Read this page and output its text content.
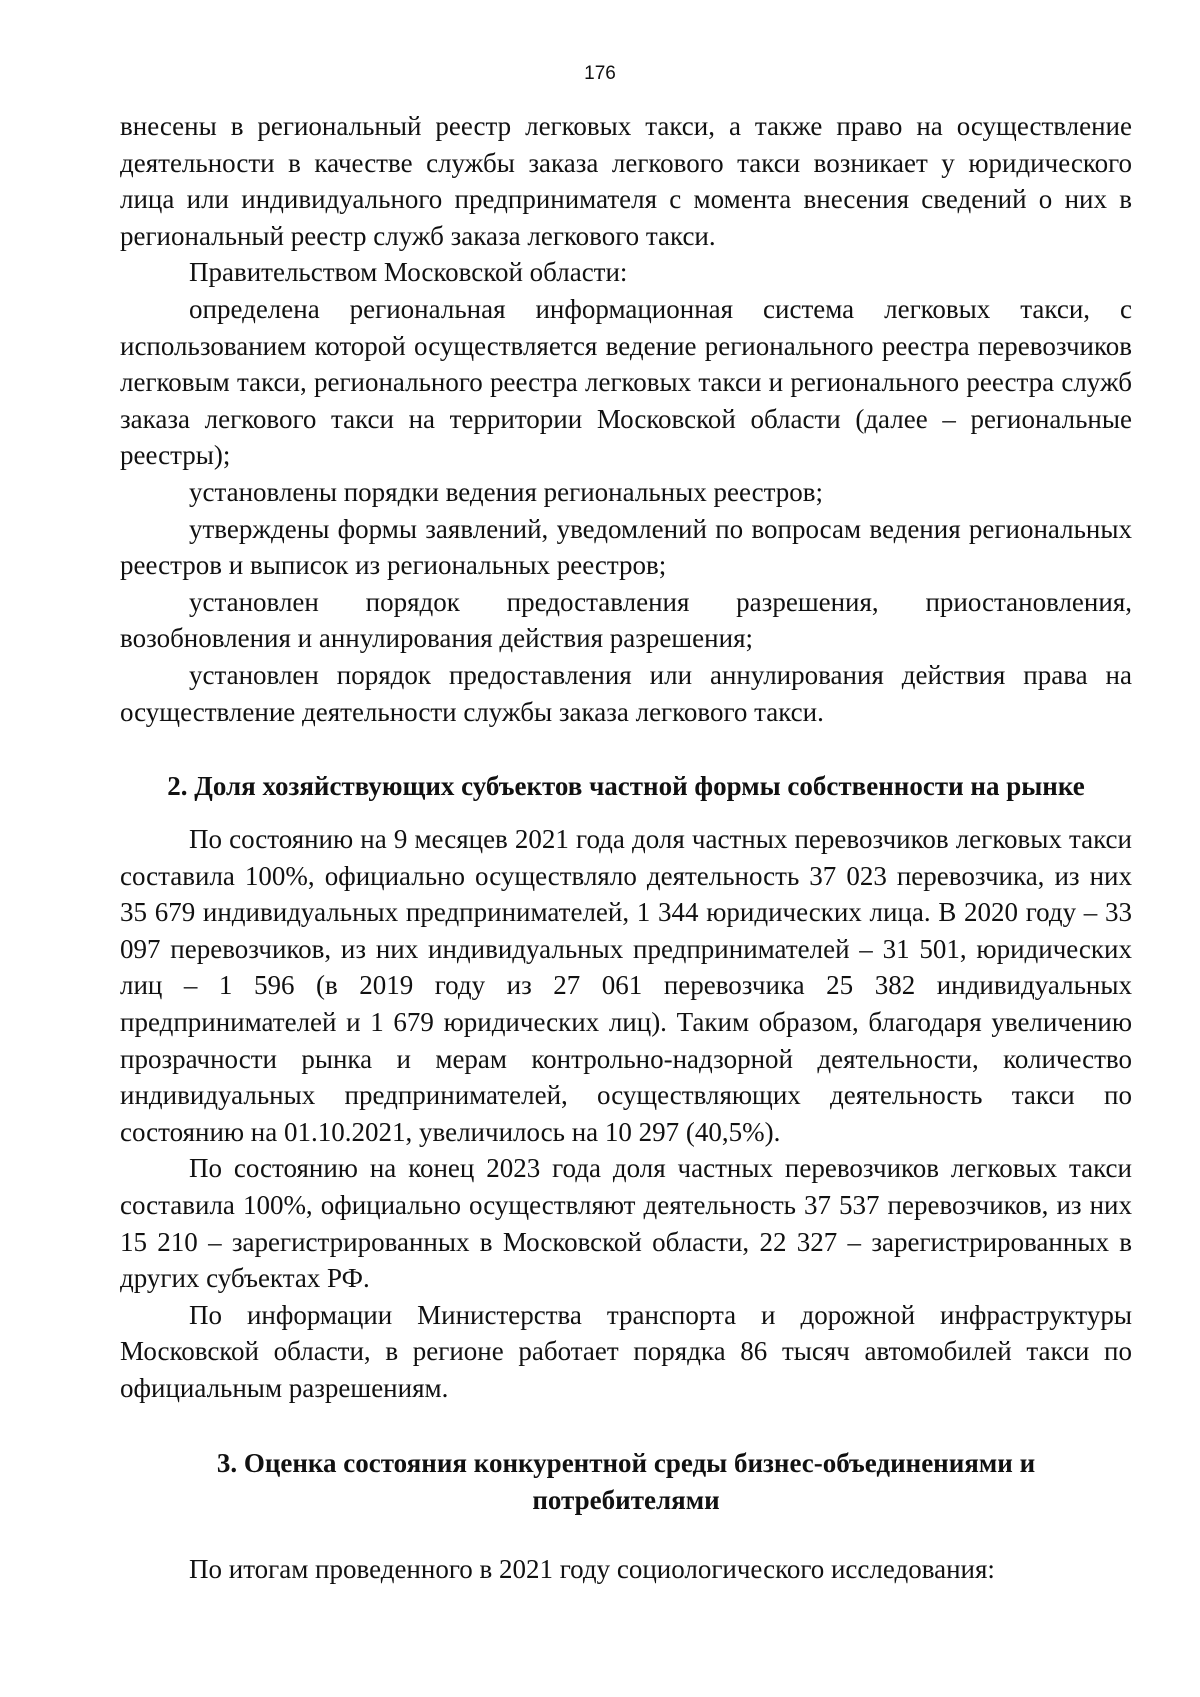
176

внесены в региональный реестр легковых такси, а также право на осуществление деятельности в качестве службы заказа легкового такси возникает у юридического лица или индивидуального предпринимателя с момента внесения сведений о них в региональный реестр служб заказа легкового такси.

Правительством Московской области:

определена региональная информационная система легковых такси, с использованием которой осуществляется ведение регионального реестра перевозчиков легковым такси, регионального реестра легковых такси и регионального реестра служб заказа легкового такси на территории Московской области (далее – региональные реестры);

установлены порядки ведения региональных реестров;

утверждены формы заявлений, уведомлений по вопросам ведения региональных реестров и выписок из региональных реестров;

установлен порядок предоставления разрешения, приостановления, возобновления и аннулирования действия разрешения;

установлен порядок предоставления или аннулирования действия права на осуществление деятельности службы заказа легкового такси.

2. Доля хозяйствующих субъектов частной формы собственности на рынке

По состоянию на 9 месяцев 2021 года доля частных перевозчиков легковых такси составила 100%, официально осуществляло деятельность 37 023 перевозчика, из них 35 679 индивидуальных предпринимателей, 1 344 юридических лица. В 2020 году – 33 097 перевозчиков, из них индивидуальных предпринимателей – 31 501, юридических лиц – 1 596 (в 2019 году из 27 061 перевозчика 25 382 индивидуальных предпринимателей и 1 679 юридических лиц). Таким образом, благодаря увеличению прозрачности рынка и мерам контрольно-надзорной деятельности, количество индивидуальных предпринимателей, осуществляющих деятельность такси по состоянию на 01.10.2021, увеличилось на 10 297 (40,5%).

По состоянию на конец 2023 года доля частных перевозчиков легковых такси составила 100%, официально осуществляют деятельность 37 537 перевозчиков, из них 15 210 – зарегистрированных в Московской области, 22 327 – зарегистрированных в других субъектах РФ.

По информации Министерства транспорта и дорожной инфраструктуры Московской области, в регионе работает порядка 86 тысяч автомобилей такси по официальным разрешениям.

3. Оценка состояния конкурентной среды бизнес-объединениями и потребителями

По итогам проведенного в 2021 году социологического исследования:
